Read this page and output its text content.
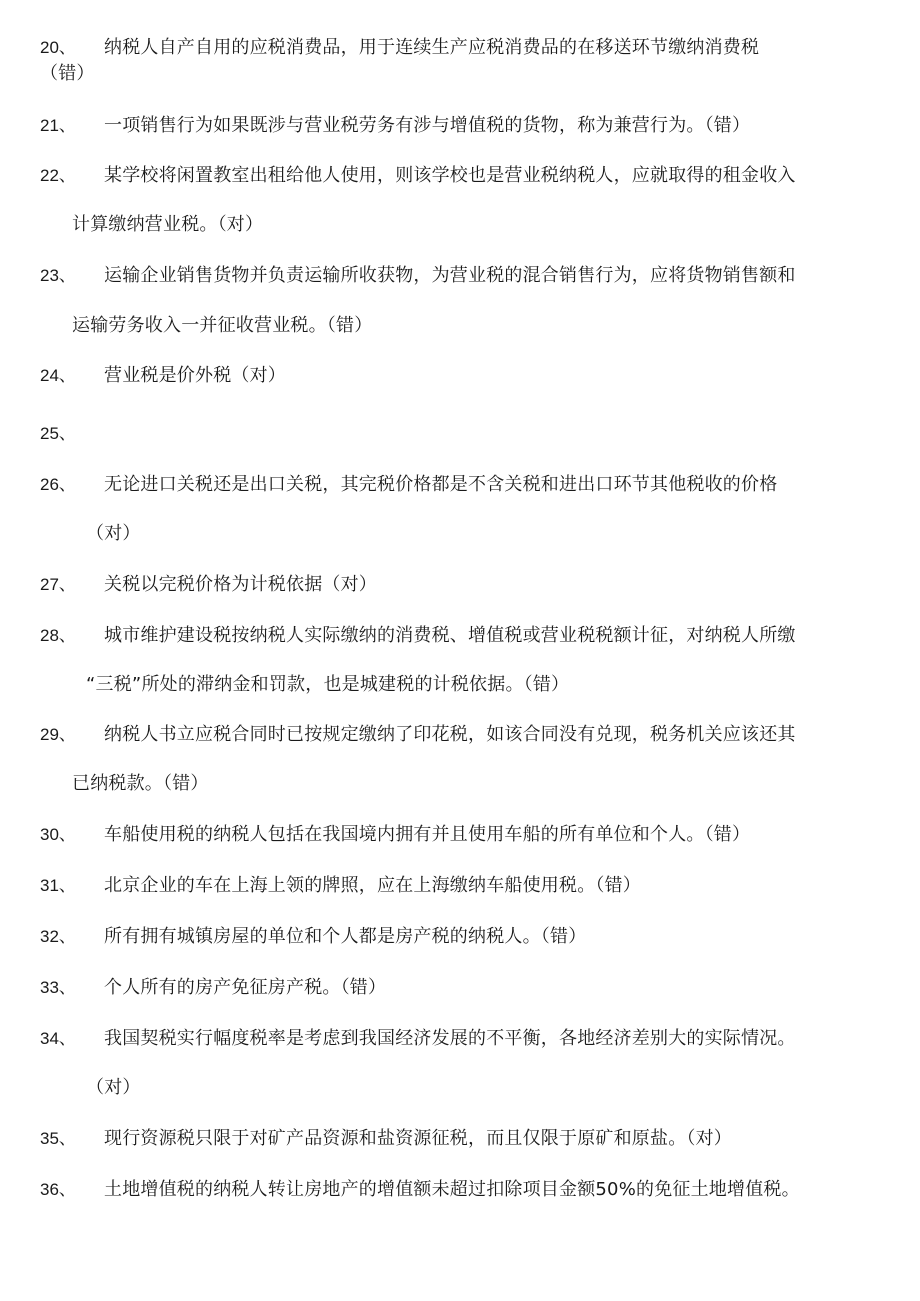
20、 纳税人自产自用的应税消费品，用于连续生产应税消费品的在移送环节缴纳消费税
（错）
21、 一项销售行为如果既涉与营业税劳务有涉与增值税的货物，称为兼营行为。（错）
22、 某学校将闲置教室出租给他人使用，则该学校也是营业税纳税人，应就取得的租金收入
计算缴纳营业税。（对）
23、 运输企业销售货物并负责运输所收获物，为营业税的混合销售行为，应将货物销售额和
运输劳务收入一并征收营业税。（错）
24、 营业税是价外税（对）
25、
26、 无论进口关税还是出口关税，其完税价格都是不含关税和进出口环节其他税收的价格
（对）
27、 关税以完税价格为计税依据（对）
28、 城市维护建设税按纳税人实际缴纳的消费税、增值税或营业税税额计征，对纳税人所缴
“三税”所处的滞纳金和罚款，也是城建税的计税依据。（错）
29、 纳税人书立应税合同时已按规定缴纳了印花税，如该合同没有兑现，税务机关应该还其
已纳税款。（错）
30、 车船使用税的纳税人包括在我国境内拥有并且使用车船的所有单位和个人。（错）
31、 北京企业的车在上海上领的牌照，应在上海缴纳车船使用税。（错）
32、 所有拥有城镇房屋的单位和个人都是房产税的纳税人。（错）
33、 个人所有的房产免征房产税。（错）
34、 我国契税实行幅度税率是考虑到我国经济发展的不平衡，各地经济差别大的实际情况。
（对）
35、 现行资源税只限于对矿产品资源和盐资源征税，而且仅限于原矿和原盐。（对）
36、 土地增值税的纳税人转让房地产的增值额未超过扣除项目金额50%的免征土地增值税。
